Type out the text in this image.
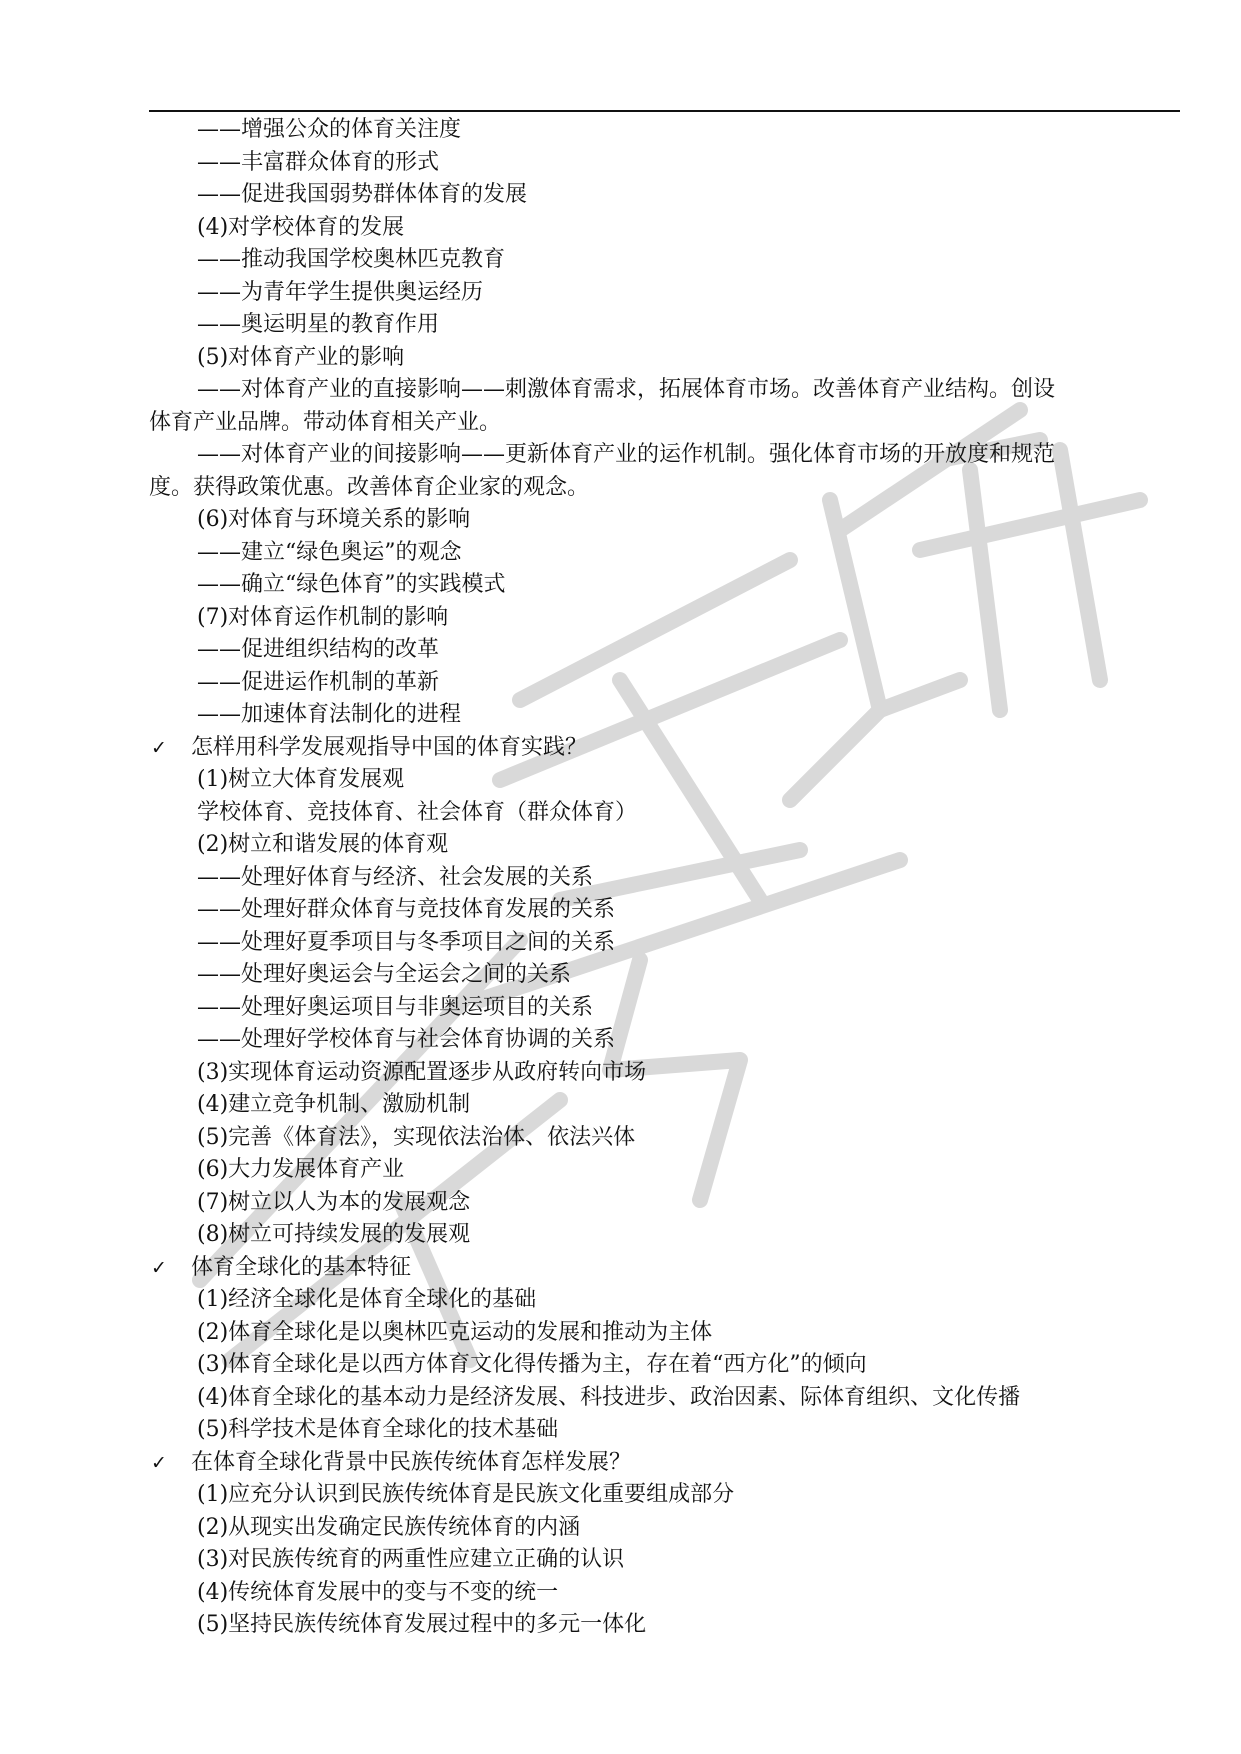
——增强公众的体育关注度
——丰富群众体育的形式
——促进我国弱势群体体育的发展
(4)对学校体育的发展
——推动我国学校奥林匹克教育
——为青年学生提供奥运经历
——奥运明星的教育作用
(5)对体育产业的影响
——对体育产业的直接影响——刺激体育需求，拓展体育市场。改善体育产业结构。创设
体育产业品牌。带动体育相关产业。
——对体育产业的间接影响——更新体育产业的运作机制。强化体育市场的开放度和规范
度。获得政策优惠。改善体育企业家的观念。
(6)对体育与环境关系的影响
——建立“绿色奥运”的观念
——确立“绿色体育”的实践模式
(7)对体育运作机制的影响
——促进组织结构的改革
——促进运作机制的革新
——加速体育法制化的进程
✓ 怎样用科学发展观指导中国的体育实践？
(1)树立大体育发展观
学校体育、竞技体育、社会体育（群众体育）
(2)树立和谐发展的体育观
——处理好体育与经济、社会发展的关系
——处理好群众体育与竞技体育发展的关系
——处理好夏季项目与冬季项目之间的关系
——处理好奥运会与全运会之间的关系
——处理好奥运项目与非奥运项目的关系
——处理好学校体育与社会体育协调的关系
(3)实现体育运动资源配置逐步从政府转向市场
(4)建立竞争机制、激励机制
(5)完善《体育法》，实现依法治体、依法兴体
(6)大力发展体育产业
(7)树立以人为本的发展观念
(8)树立可持续发展的发展观
✓ 体育全球化的基本特征
(1)经济全球化是体育全球化的基础
(2)体育全球化是以奥林匹克运动的发展和推动为主体
(3)体育全球化是以西方体育文化得传播为主，存在着“西方化”的倾向
(4)体育全球化的基本动力是经济发展、科技进步、政治因素、际体育组织、文化传播
(5)科学技术是体育全球化的技术基础
✓ 在体育全球化背景中民族传统体育怎样发展？
(1)应充分认识到民族传统体育是民族文化重要组成部分
(2)从现实出发确定民族传统体育的内涵
(3)对民族传统育的两重性应建立正确的认识
(4)传统体育发展中的变与不变的统一
(5)坚持民族传统体育发展过程中的多元一体化
